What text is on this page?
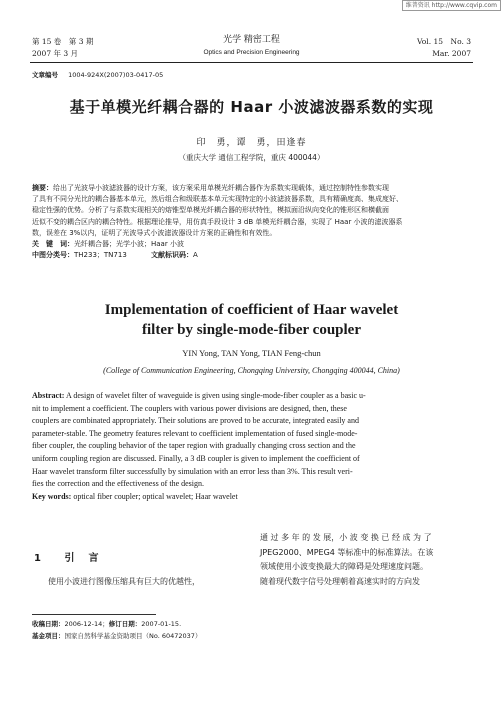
维普资讯 http://www.cqvip.com
第 15 卷　第 3 期
2007 年 3 月
光学 精密工程
Optics and Precision Engineering
Vol. 15　No. 3
Mar. 2007
文章编号 1004-924X(2007)03-0417-05
基于单模光纤耦合器的 Haar 小波滤波器系数的实现
印　勇，谭　勇，田逢春
（重庆大学 通信工程学院，重庆 400044）
摘要：给出了光波导小波滤波器的设计方案，该方案采用单模光纤耦合器作为系数实现载体，通过控制特性参数实现
了具有不同分光比的耦合器基本单元，然后组合和级联基本单元实现特定的小波滤波器系数，具有精确度高、集成度好、
稳定性强的优势。分析了与系数实现相关的熔锥型单模光纤耦合器的形状特性，模拟面沿纵向变化的锥形区和横截面
近似不变的耦合区内的耦合特性。根据理论推导，用仿真手段设计 3 dB 单模光纤耦合器，实现了 Haar 小波的滤波器系
数，误差在 3%以内，证明了光波导式小波滤波器设计方案的正确性和有效性。
关　键　词：光纤耦合器；光学小波；Haar 小波
中图分类号：TH233；TN713	文献标识码：A
Implementation of coefficient of Haar wavelet
filter by single-mode-fiber coupler
YIN Yong, TAN Yong, TIAN Feng-chun
(College of Communication Engineering, Chongqing University, Chongqing 400044, China)
Abstract: A design of wavelet filter of waveguide is given using single-mode-fiber coupler as a basic u-
nit to implement a coefficient. The couplers with various power divisions are designed, then, these
couplers are combinated appropriately. Their solutions are proved to be accurate, integrated easily and
parameter-stable. The geometry features relevant to coefficient implementation of fused single-mode-
fiber coupler, the coupling behavior of the taper region with gradually changing cross section and the
uniform coupling region are discussed. Finally, a 3 dB coupler is given to implement the coefficient of
Haar wavelet transform filter successfully by simulation with an error less than 3%. This result veri-
fies the correction and the effectiveness of the design.
Key words: optical fiber coupler; optical wavelet; Haar wavelet
1 引　言
使用小波进行图像压缩具有巨大的优越性，
通 过 多 年 的 发 展，小 波 变 换 已 经 成 为 了
JPEG2000、MPEG4 等标准中的标准算法。在该
领域使用小波变换最大的障碍是处理速度问题。
随着现代数字信号处理朝着高速实时的方向发
收稿日期：2006-12-14；修订日期：2007-01-15.
基金项目：国家自然科学基金资助项目（No. 60472037）
